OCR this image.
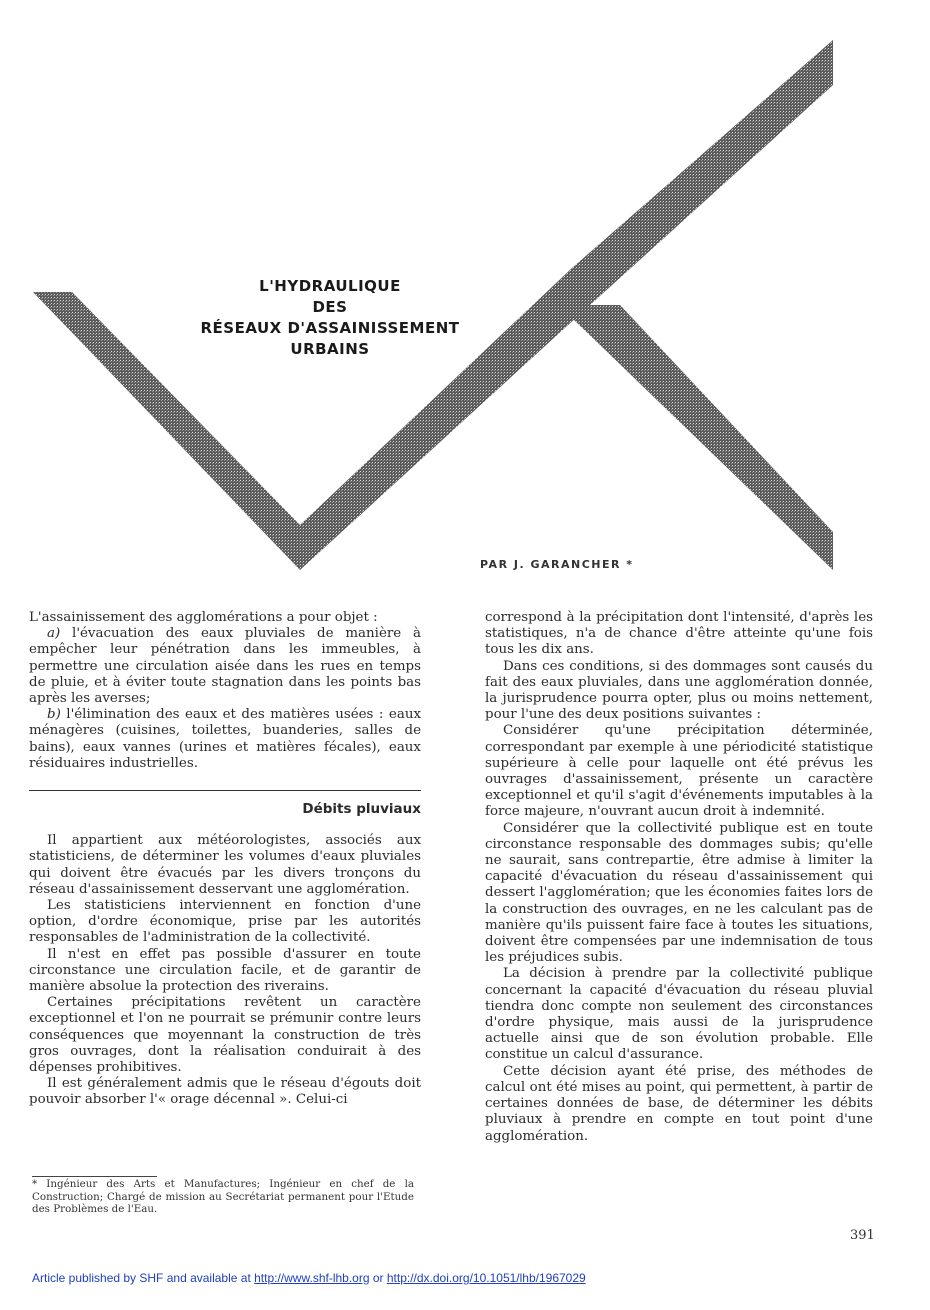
L'HYDRAULIQUE
DES
RÉSEAUX D'ASSAINISSEMENT
URBAINS
PAR J. GARANCHER *

L'assainissement des agglomérations a pour objet :

a) l'évacuation des eaux pluviales de manière à empêcher leur pénétration dans les immeubles, à permettre une circulation aisée dans les rues en temps de pluie, et à éviter toute stagnation dans les points bas après les averses;

b) l'élimination des eaux et des matières usées : eaux ménagères (cuisines, toilettes, buanderies, salles de bains), eaux vannes (urines et matières fécales), eaux résiduaires industrielles.

Débits pluviaux

Il appartient aux météorologistes, associés aux statisticiens, de déterminer les volumes d'eaux pluviales qui doivent être évacués par les divers tronçons du réseau d'assainissement desservant une agglomération.

Les statisticiens interviennent en fonction d'une option, d'ordre économique, prise par les autorités responsables de l'administration de la collectivité.

Il n'est en effet pas possible d'assurer en toute circonstance une circulation facile, et de garantir de manière absolue la protection des riverains.

Certaines précipitations revêtent un caractère exceptionnel et l'on ne pourrait se prémunir contre leurs conséquences que moyennant la construction de très gros ouvrages, dont la réalisation conduirait à des dépenses prohibitives.

Il est généralement admis que le réseau d'égouts doit pouvoir absorber l'« orage décennal ». Celui-ci

* Ingénieur des Arts et Manufactures; Ingénieur en chef de la Construction; Chargé de mission au Secrétariat permanent pour l'Etude des Problèmes de l'Eau.

correspond à la précipitation dont l'intensité, d'après les statistiques, n'a de chance d'être atteinte qu'une fois tous les dix ans.

Dans ces conditions, si des dommages sont causés du fait des eaux pluviales, dans une agglomération donnée, la jurisprudence pourra opter, plus ou moins nettement, pour l'une des deux positions suivantes :

Considérer qu'une précipitation déterminée, correspondant par exemple à une périodicité statistique supérieure à celle pour laquelle ont été prévus les ouvrages d'assainissement, présente un caractère exceptionnel et qu'il s'agit d'événements imputables à la force majeure, n'ouvrant aucun droit à indemnité.

Considérer que la collectivité publique est en toute circonstance responsable des dommages subis; qu'elle ne saurait, sans contrepartie, être admise à limiter la capacité d'évacuation du réseau d'assainissement qui dessert l'agglomération; que les économies faites lors de la construction des ouvrages, en ne les calculant pas de manière qu'ils puissent faire face à toutes les situations, doivent être compensées par une indemnisation de tous les préjudices subis.

La décision à prendre par la collectivité publique concernant la capacité d'évacuation du réseau pluvial tiendra donc compte non seulement des circonstances d'ordre physique, mais aussi de la jurisprudence actuelle ainsi que de son évolution probable. Elle constitue un calcul d'assurance.

Cette décision ayant été prise, des méthodes de calcul ont été mises au point, qui permettent, à partir de certaines données de base, de déterminer les débits pluviaux à prendre en compte en tout point d'une agglomération.

391
Article published by SHF and available at http://www.shf-lhb.org or http://dx.doi.org/10.1051/lhb/1967029
